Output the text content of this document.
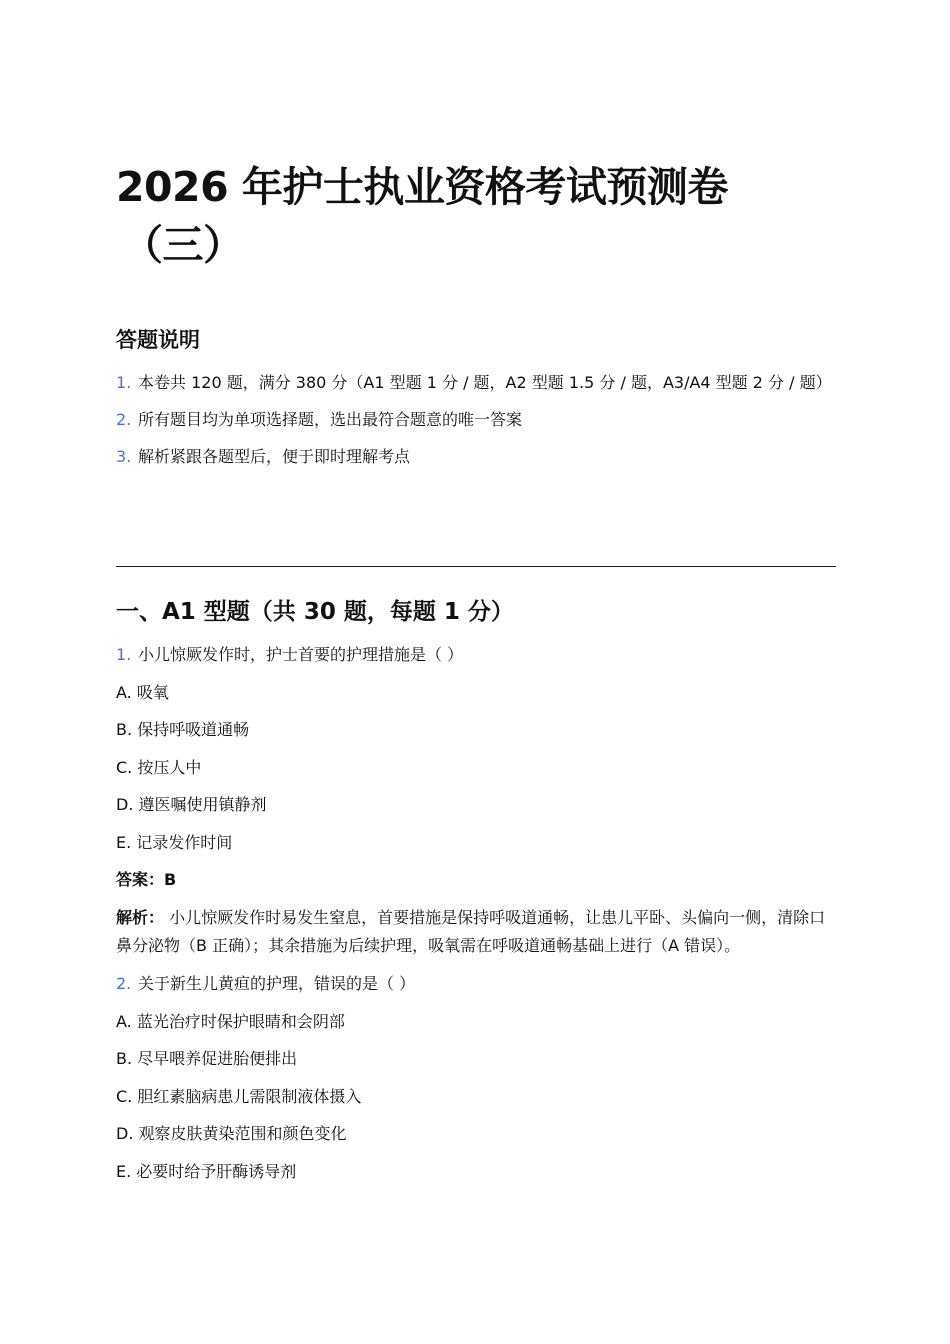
2026 年护士执业资格考试预测卷
（三）
答题说明
1. 本卷共 120 题，满分 380 分（A1 型题 1 分 / 题，A2 型题 1.5 分 / 题，A3/A4 型题 2 分 / 题）
2. 所有题目均为单项选择题，选出最符合题意的唯一答案
3. 解析紧跟各题型后，便于即时理解考点
一、A1 型题（共 30 题，每题 1 分）
1. 小儿惊厥发作时，护士首要的护理措施是（ ）
A. 吸氧
B. 保持呼吸道通畅
C. 按压人中
D. 遵医嘱使用镇静剂
E. 记录发作时间
答案：B
解析： 小儿惊厥发作时易发生窒息，首要措施是保持呼吸道通畅，让患儿平卧、头偏向一侧，清除口鼻分泌物（B 正确）；其余措施为后续护理，吸氧需在呼吸道通畅基础上进行（A 错误）。
2. 关于新生儿黄疸的护理，错误的是（ ）
A. 蓝光治疗时保护眼睛和会阴部
B. 尽早喂养促进胎便排出
C. 胆红素脑病患儿需限制液体摄入
D. 观察皮肤黄染范围和颜色变化
E. 必要时给予肝酶诱导剂
